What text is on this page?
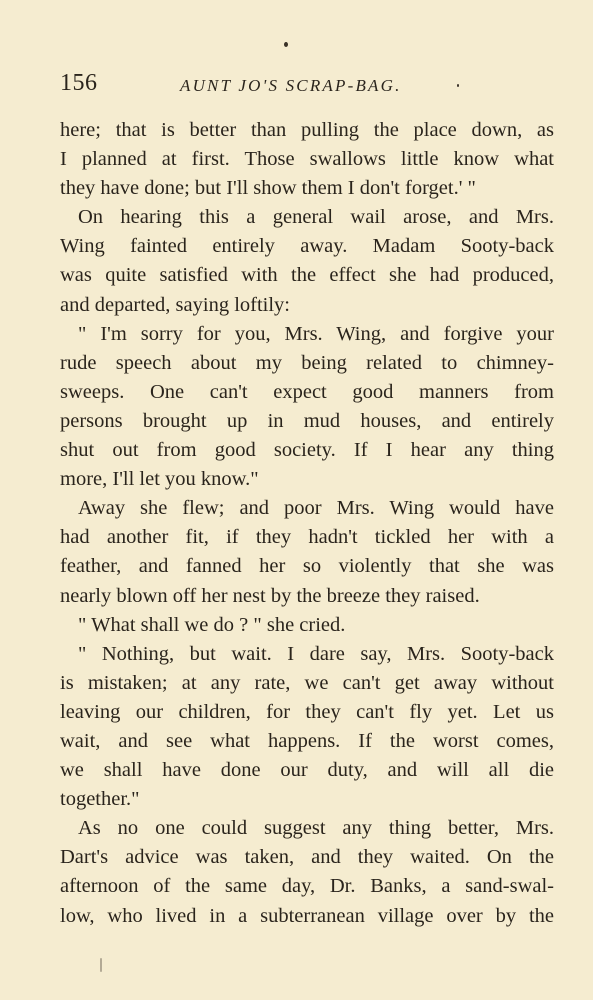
156	AUNT JO'S SCRAP-BAG.
here; that is better than pulling the place down, as
I planned at first. Those swallows little know what
they have done; but I'll show them I don't forget.' "
On hearing this a general wail arose, and Mrs.
Wing fainted entirely away. Madam Sooty-back
was quite satisfied with the effect she had produced,
and departed, saying loftily:
" I'm sorry for you, Mrs. Wing, and forgive your
rude speech about my being related to chimney-
sweeps. One can't expect good manners from
persons brought up in mud houses, and entirely
shut out from good society. If I hear any thing
more, I'll let you know."
Away she flew; and poor Mrs. Wing would have
had another fit, if they hadn't tickled her with a
feather, and fanned her so violently that she was
nearly blown off her nest by the breeze they raised.
" What shall we do ? " she cried.
" Nothing, but wait. I dare say, Mrs. Sooty-back
is mistaken; at any rate, we can't get away without
leaving our children, for they can't fly yet. Let us
wait, and see what happens. If the worst comes,
we shall have done our duty, and will all die
together."
As no one could suggest any thing better, Mrs.
Dart's advice was taken, and they waited. On the
afternoon of the same day, Dr. Banks, a sand-swal-
low, who lived in a subterranean village over by the
